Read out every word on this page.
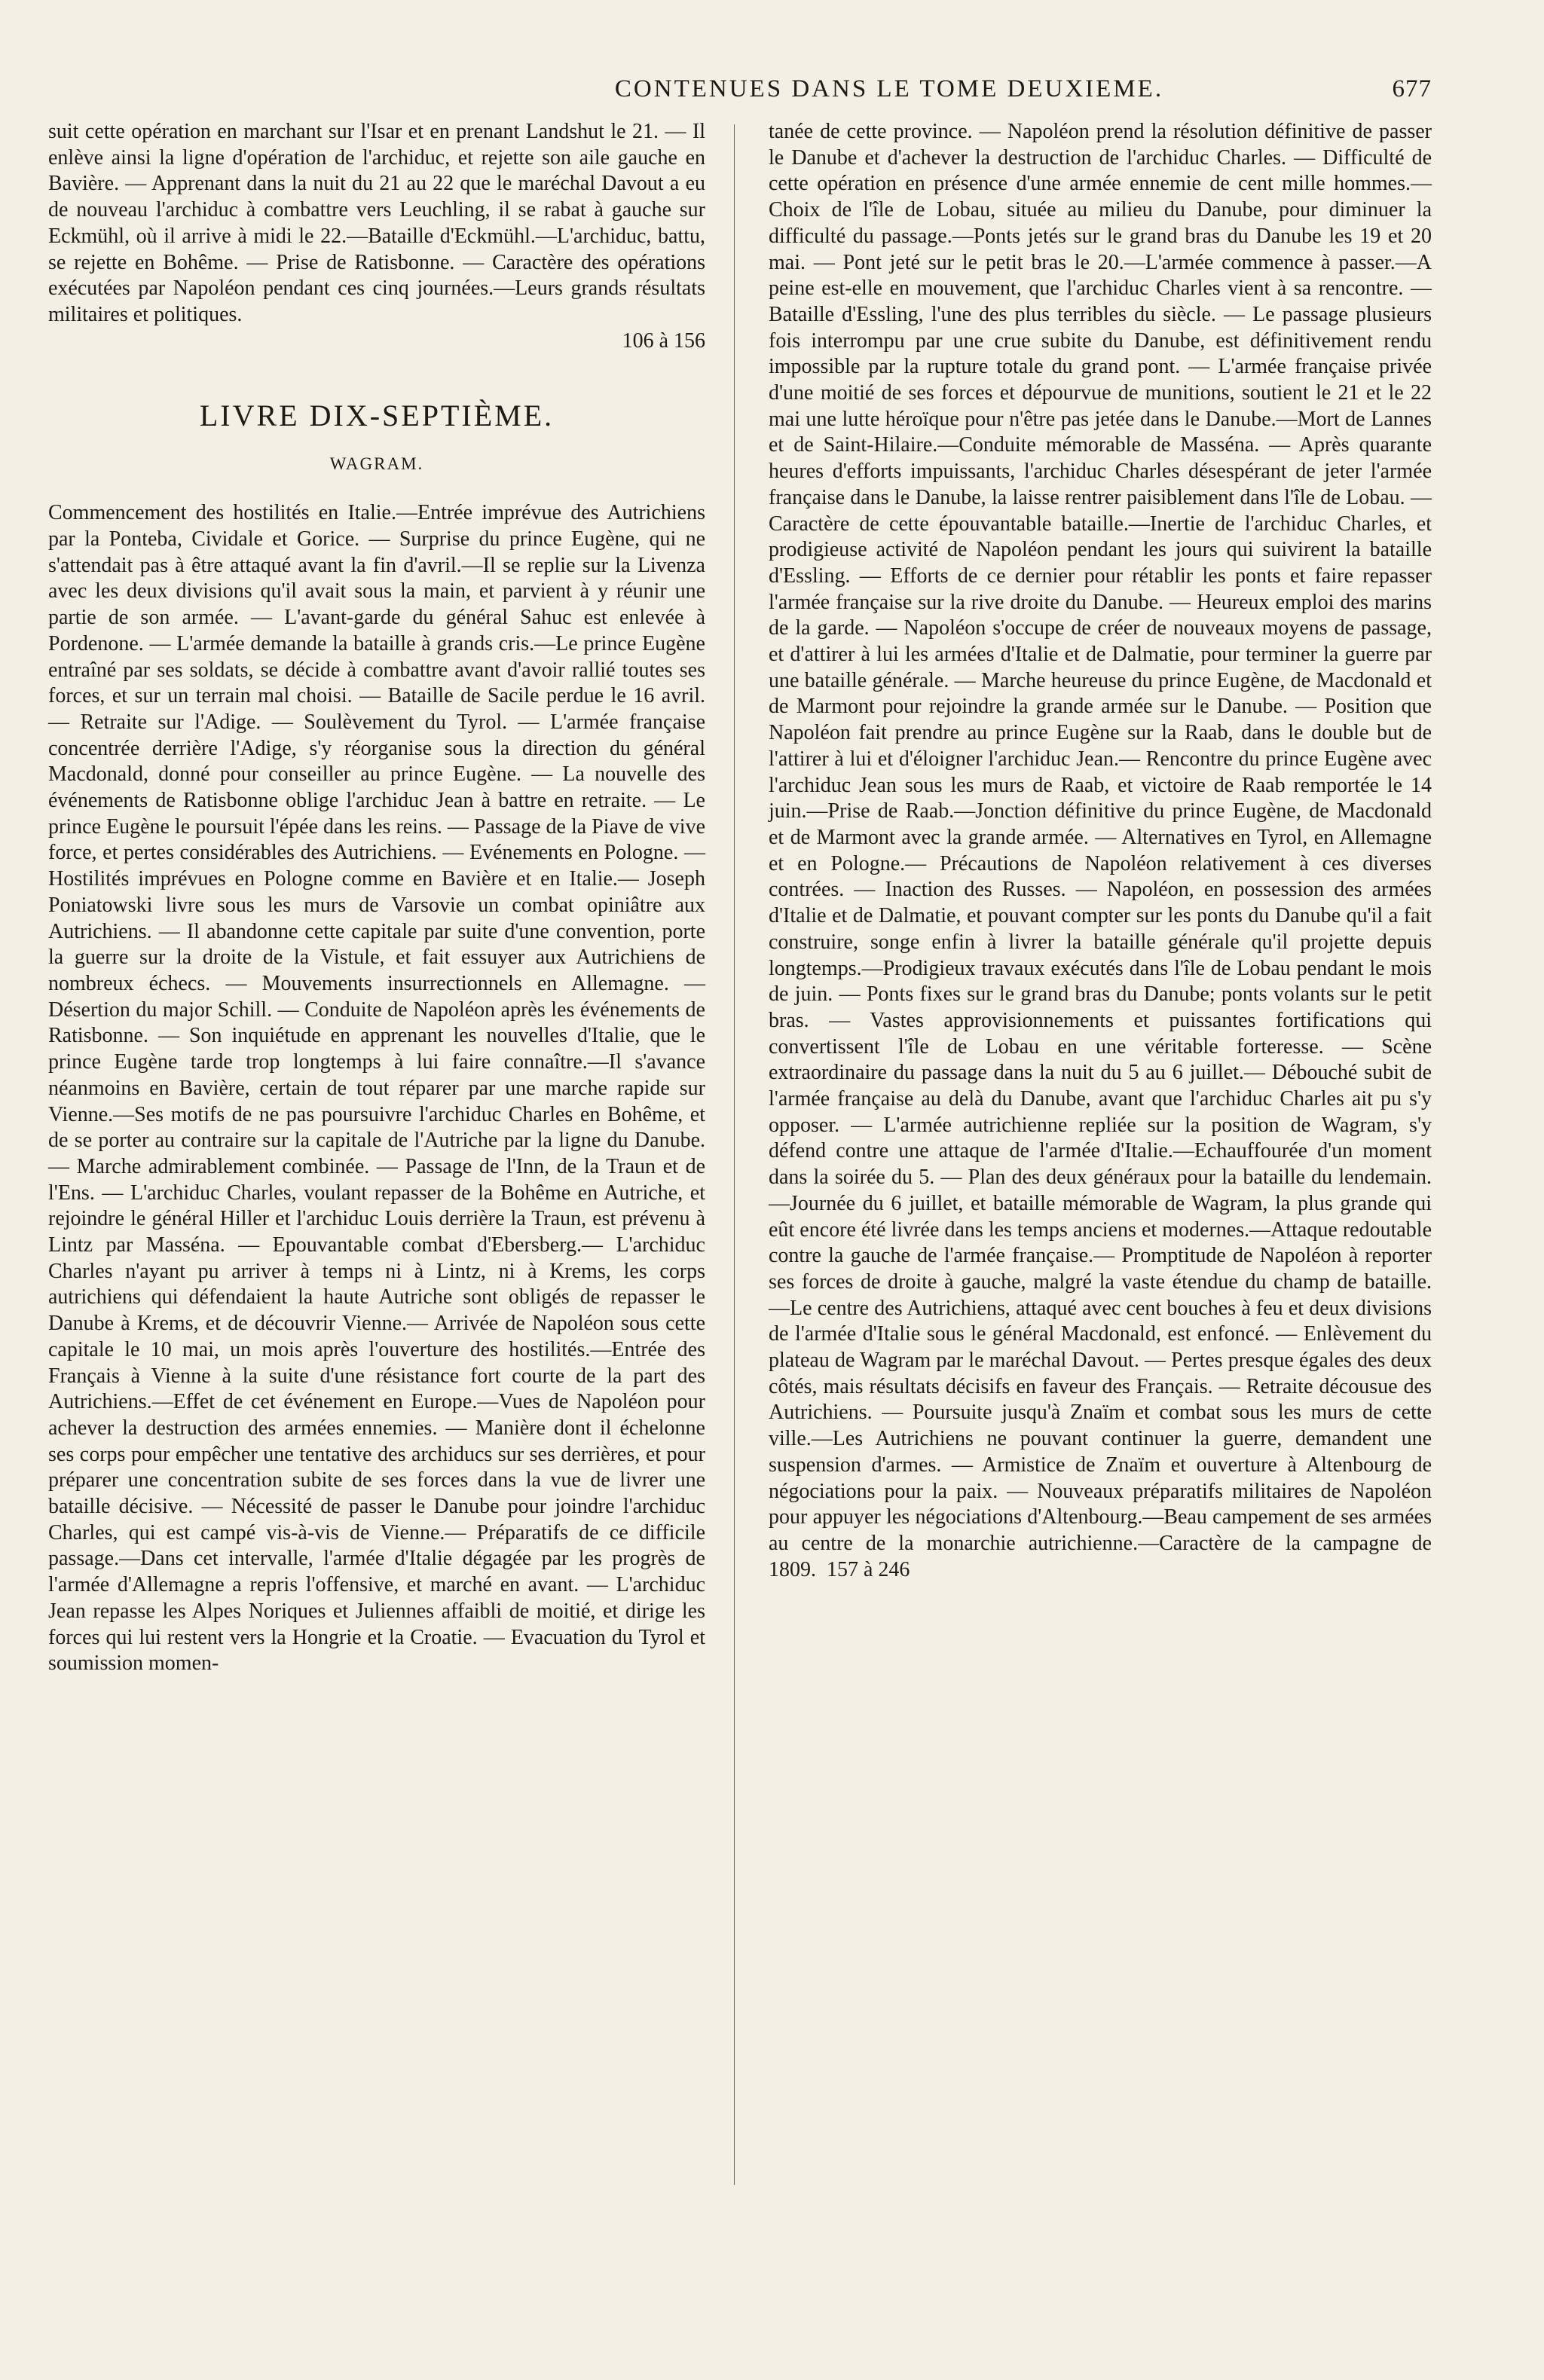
CONTENUES DANS LE TOME DEUXIEME.	677

suit cette opération en marchant sur l'Isar et en prenant Landshut le 21. — Il enlève ainsi la ligne d'opération de l'archiduc, et rejette son aile gauche en Bavière. — Apprenant dans la nuit du 21 au 22 que le maréchal Davout a eu de nouveau l'archiduc à combattre vers Leuchling, il se rabat à gauche sur Eckmühl, où il arrive à midi le 22.—Bataille d'Eckmühl.—L'archiduc, battu, se rejette en Bohême. — Prise de Ratisbonne. — Caractère des opérations exécutées par Napoléon pendant ces cinq journées.—Leurs grands résultats militaires et politiques.

106 à 156

LIVRE DIX-SEPTIÈME.
WAGRAM.

Commencement des hostilités en Italie.—Entrée imprévue des Autrichiens par la Ponteba, Cividale et Gorice. — Surprise du prince Eugène, qui ne s'attendait pas à être attaqué avant la fin d'avril.—Il se replie sur la Livenza avec les deux divisions qu'il avait sous la main, et parvient à y réunir une partie de son armée. — L'avant-garde du général Sahuc est enlevée à Pordenone. — L'armée demande la bataille à grands cris.—Le prince Eugène entraîné par ses soldats, se décide à combattre avant d'avoir rallié toutes ses forces, et sur un terrain mal choisi. — Bataille de Sacile perdue le 16 avril. — Retraite sur l'Adige. — Soulèvement du Tyrol. — L'armée française concentrée derrière l'Adige, s'y réorganise sous la direction du général Macdonald, donné pour conseiller au prince Eugène. — La nouvelle des événements de Ratisbonne oblige l'archiduc Jean à battre en retraite. — Le prince Eugène le poursuit l'épée dans les reins. — Passage de la Piave de vive force, et pertes considérables des Autrichiens. — Evénements en Pologne. — Hostilités imprévues en Pologne comme en Bavière et en Italie.— Joseph Poniatowski livre sous les murs de Varsovie un combat opiniâtre aux Autrichiens. — Il abandonne cette capitale par suite d'une convention, porte la guerre sur la droite de la Vistule, et fait essuyer aux Autrichiens de nombreux échecs. — Mouvements insurrectionnels en Allemagne. — Désertion du major Schill. — Conduite de Napoléon après les événements de Ratisbonne. — Son inquiétude en apprenant les nouvelles d'Italie, que le prince Eugène tarde trop longtemps à lui faire connaître.—Il s'avance néanmoins en Bavière, certain de tout réparer par une marche rapide sur Vienne.—Ses motifs de ne pas poursuivre l'archiduc Charles en Bohême, et de se porter au contraire sur la capitale de l'Autriche par la ligne du Danube. — Marche admirablement combinée. — Passage de l'Inn, de la Traun et de l'Ens. — L'archiduc Charles, voulant repasser de la Bohême en Autriche, et rejoindre le général Hiller et l'archiduc Louis derrière la Traun, est prévenu à Lintz par Masséna. — Epouvantable combat d'Ebersberg.— L'archiduc Charles n'ayant pu arriver à temps ni à Lintz, ni à Krems, les corps autrichiens qui défendaient la haute Autriche sont obligés de repasser le Danube à Krems, et de découvrir Vienne.— Arrivée de Napoléon sous cette capitale le 10 mai, un mois après l'ouverture des hostilités.—Entrée des Français à Vienne à la suite d'une résistance fort courte de la part des Autrichiens.—Effet de cet événement en Europe.—Vues de Napoléon pour achever la destruction des armées ennemies. — Manière dont il échelonne ses corps pour empêcher une tentative des archiducs sur ses derrières, et pour préparer une concentration subite de ses forces dans la vue de livrer une bataille décisive. — Nécessité de passer le Danube pour joindre l'archiduc Charles, qui est campé vis-à-vis de Vienne.— Préparatifs de ce difficile passage.—Dans cet intervalle, l'armée d'Italie dégagée par les progrès de l'armée d'Allemagne a repris l'offensive, et marché en avant. — L'archiduc Jean repasse les Alpes Noriques et Juliennes affaibli de moitié, et dirige les forces qui lui restent vers la Hongrie et la Croatie. — Evacuation du Tyrol et soumission momen-

tanée de cette province. — Napoléon prend la résolution définitive de passer le Danube et d'achever la destruction de l'archiduc Charles. — Difficulté de cette opération en présence d'une armée ennemie de cent mille hommes.—Choix de l'île de Lobau, située au milieu du Danube, pour diminuer la difficulté du passage.—Ponts jetés sur le grand bras du Danube les 19 et 20 mai. — Pont jeté sur le petit bras le 20.—L'armée commence à passer.—A peine est-elle en mouvement, que l'archiduc Charles vient à sa rencontre. — Bataille d'Essling, l'une des plus terribles du siècle. — Le passage plusieurs fois interrompu par une crue subite du Danube, est définitivement rendu impossible par la rupture totale du grand pont. — L'armée française privée d'une moitié de ses forces et dépourvue de munitions, soutient le 21 et le 22 mai une lutte héroïque pour n'être pas jetée dans le Danube.—Mort de Lannes et de Saint-Hilaire.—Conduite mémorable de Masséna. — Après quarante heures d'efforts impuissants, l'archiduc Charles désespérant de jeter l'armée française dans le Danube, la laisse rentrer paisiblement dans l'île de Lobau. — Caractère de cette épouvantable bataille.—Inertie de l'archiduc Charles, et prodigieuse activité de Napoléon pendant les jours qui suivirent la bataille d'Essling. — Efforts de ce dernier pour rétablir les ponts et faire repasser l'armée française sur la rive droite du Danube. — Heureux emploi des marins de la garde. — Napoléon s'occupe de créer de nouveaux moyens de passage, et d'attirer à lui les armées d'Italie et de Dalmatie, pour terminer la guerre par une bataille générale. — Marche heureuse du prince Eugène, de Macdonald et de Marmont pour rejoindre la grande armée sur le Danube. — Position que Napoléon fait prendre au prince Eugène sur la Raab, dans le double but de l'attirer à lui et d'éloigner l'archiduc Jean.— Rencontre du prince Eugène avec l'archiduc Jean sous les murs de Raab, et victoire de Raab remportée le 14 juin.—Prise de Raab.—Jonction définitive du prince Eugène, de Macdonald et de Marmont avec la grande armée. — Alternatives en Tyrol, en Allemagne et en Pologne.— Précautions de Napoléon relativement à ces diverses contrées. — Inaction des Russes. — Napoléon, en possession des armées d'Italie et de Dalmatie, et pouvant compter sur les ponts du Danube qu'il a fait construire, songe enfin à livrer la bataille générale qu'il projette depuis longtemps.—Prodigieux travaux exécutés dans l'île de Lobau pendant le mois de juin. — Ponts fixes sur le grand bras du Danube; ponts volants sur le petit bras. — Vastes approvisionnements et puissantes fortifications qui convertissent l'île de Lobau en une véritable forteresse. — Scène extraordinaire du passage dans la nuit du 5 au 6 juillet.— Débouché subit de l'armée française au delà du Danube, avant que l'archiduc Charles ait pu s'y opposer. — L'armée autrichienne repliée sur la position de Wagram, s'y défend contre une attaque de l'armée d'Italie.—Echauffourée d'un moment dans la soirée du 5. — Plan des deux généraux pour la bataille du lendemain.—Journée du 6 juillet, et bataille mémorable de Wagram, la plus grande qui eût encore été livrée dans les temps anciens et modernes.—Attaque redoutable contre la gauche de l'armée française.— Promptitude de Napoléon à reporter ses forces de droite à gauche, malgré la vaste étendue du champ de bataille. —Le centre des Autrichiens, attaqué avec cent bouches à feu et deux divisions de l'armée d'Italie sous le général Macdonald, est enfoncé. — Enlèvement du plateau de Wagram par le maréchal Davout. — Pertes presque égales des deux côtés, mais résultats décisifs en faveur des Français. — Retraite décousue des Autrichiens. — Poursuite jusqu'à Znaïm et combat sous les murs de cette ville.—Les Autrichiens ne pouvant continuer la guerre, demandent une suspension d'armes. — Armistice de Znaïm et ouverture à Altenbourg de négociations pour la paix. — Nouveaux préparatifs militaires de Napoléon pour appuyer les négociations d'Altenbourg.—Beau campement de ses armées au centre de la monarchie autrichienne.—Caractère de la campagne de 1809. 157 à 246
